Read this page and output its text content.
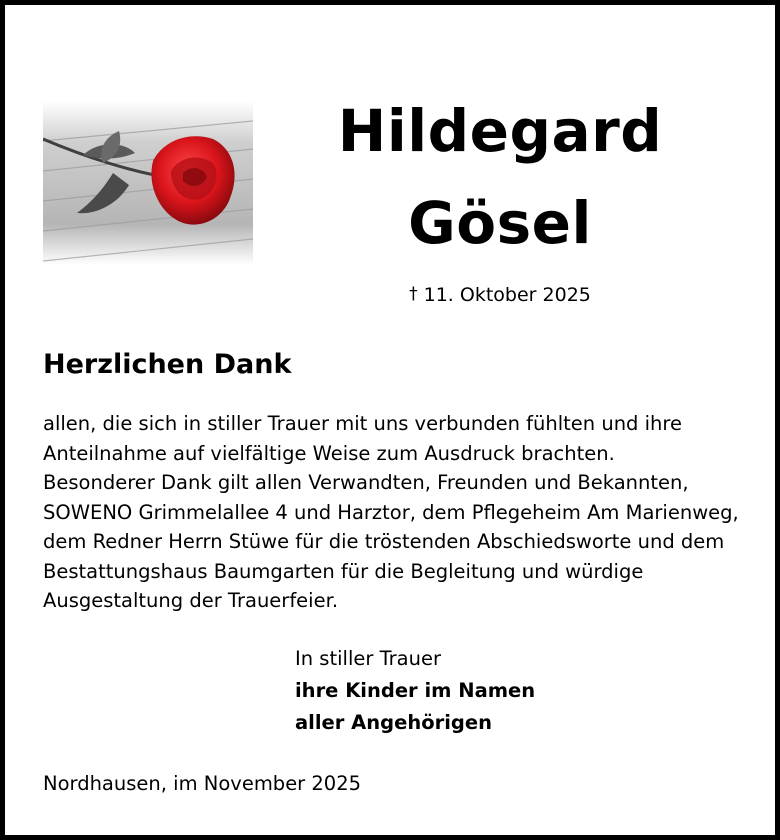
Hildegard
Gösel
† 11. Oktober 2025
Herzlichen Dank
allen, die sich in stiller Trauer mit uns verbunden fühlten und ihre
Anteilnahme auf vielfältige Weise zum Ausdruck brachten.
Besonderer Dank gilt allen Verwandten, Freunden und Bekannten,
SOWENO Grimmelallee 4 und Harztor, dem Pflegeheim Am Marienweg,
dem Redner Herrn Stüwe für die tröstenden Abschiedsworte und dem
Bestattungshaus Baumgarten für die Begleitung und würdige
Ausgestaltung der Trauerfeier.
In stiller Trauer
ihre Kinder im Namen
aller Angehörigen
Nordhausen, im November 2025
